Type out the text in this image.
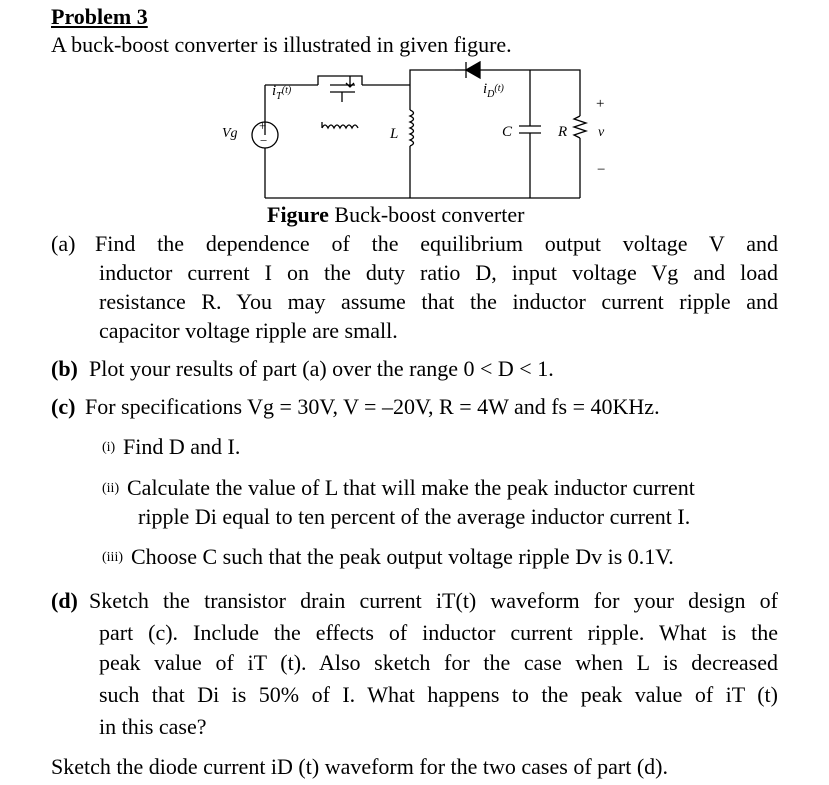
Problem 3
A buck-boost converter is illustrated in given figure.
Vg
+
−
$i_T^{(t)}$	$i_D^{(t)}$
L	C	R
+
v
−
Figure Buck-boost converter
(a) Find the dependence of the equilibrium output voltage V and
inductor current I on the duty ratio D, input voltage Vg and load
resistance R. You may assume that the inductor current ripple and
capacitor voltage ripple are small.
(b) Plot your results of part (a) over the range 0 < D < 1.
(c) For specifications Vg = 30V, V = –20V, R = 4W and fs = 40KHz.
(i) Find D and I.
(ii) Calculate the value of L that will make the peak inductor current
ripple Di equal to ten percent of the average inductor current I.
(iii) Choose C such that the peak output voltage ripple Dv is 0.1V.
(d) Sketch the transistor drain current iT(t) waveform for your design of
part (c). Include the effects of inductor current ripple. What is the
peak value of iT (t). Also sketch for the case when L is decreased
such that Di is 50% of I. What happens to the peak value of iT (t)
in this case?
Sketch the diode current iD (t) waveform for the two cases of part (d).
